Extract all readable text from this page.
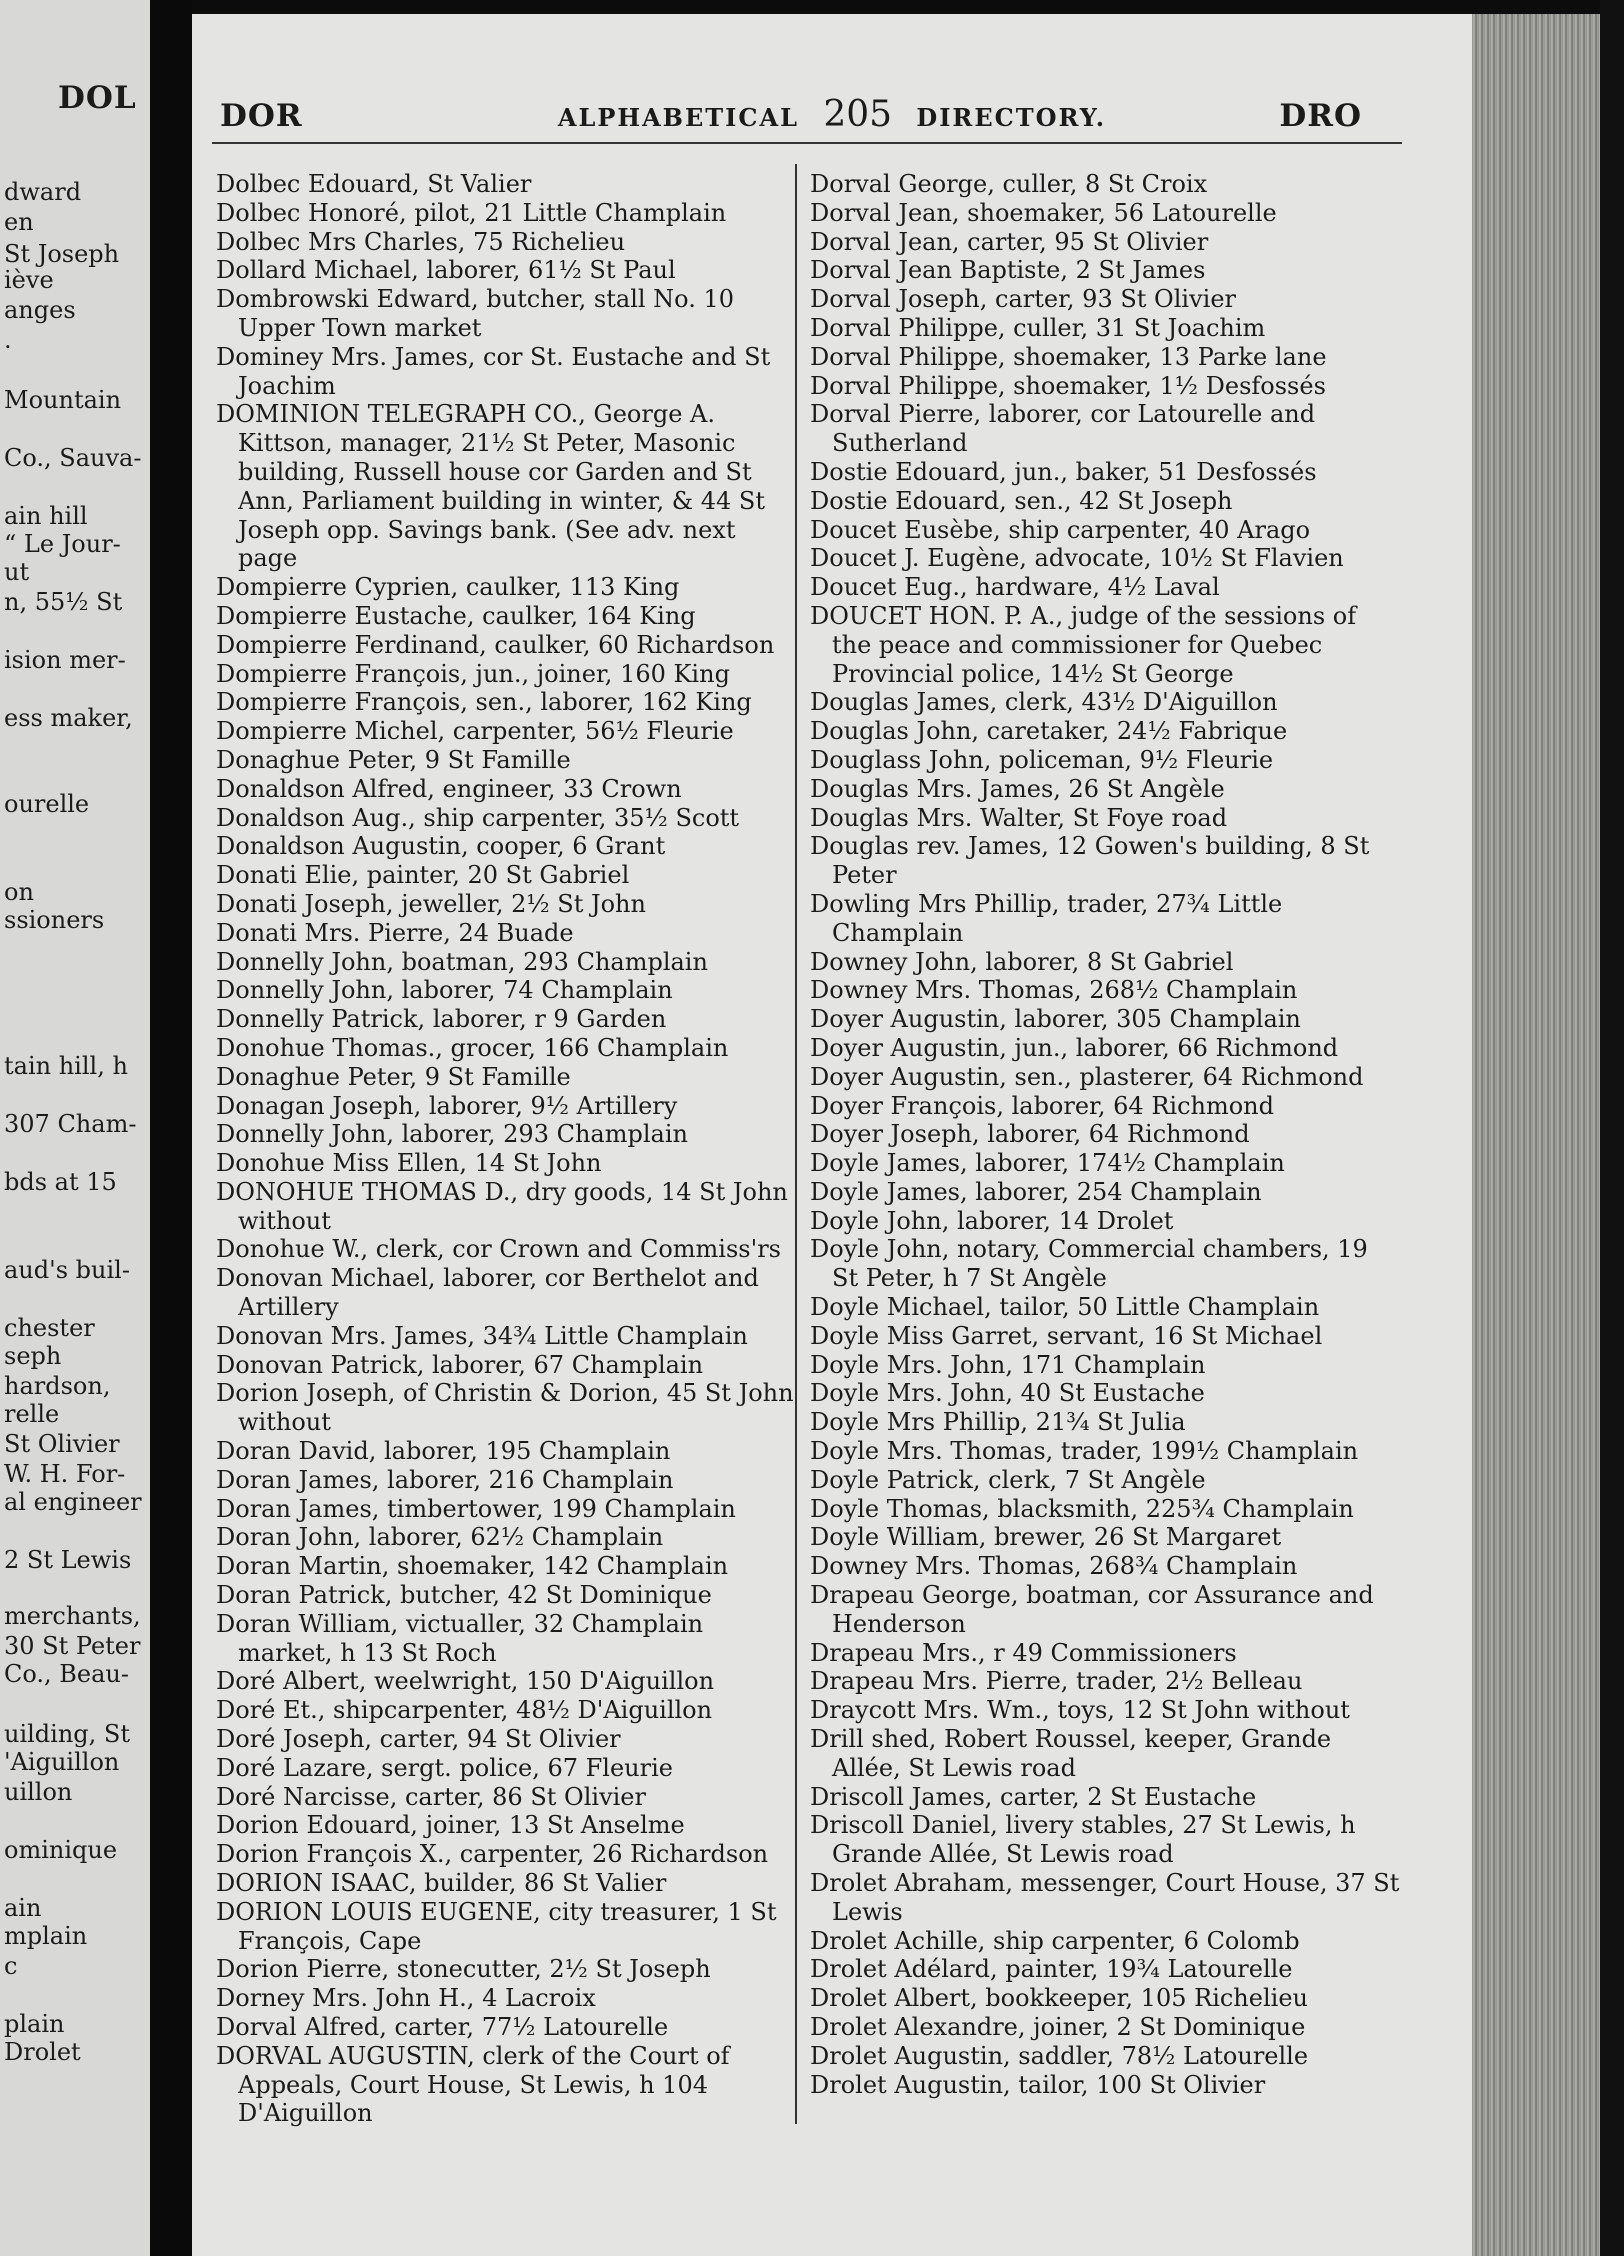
DOL
dward
en
St Joseph
iève
anges
.
Mountain
Co., Sauva-
ain hill
“ Le Jour-
ut
n, 55½ St
ision mer-
ess maker,
ourelle
on
ssioners
tain hill, h
307 Cham-
bds at 15
aud's buil-
chester
seph
hardson,
relle
St Olivier
W. H. For-
al engineer
2 St Lewis
merchants,
30 St Peter
Co., Beau-
uilding, St
'Aiguillon
uillon
ominique
ain
mplain
c
plain
Drolet
DOR	ALPHABETICAL 205 DIRECTORY.	DRO

Dolbec Edouard, St Valier

Dolbec Honoré, pilot, 21 Little Champlain

Dolbec Mrs Charles, 75 Richelieu

Dollard Michael, laborer, 61½ St Paul

Dombrowski Edward, butcher, stall No. 10 Upper Town market

Dominey Mrs. James, cor St. Eustache and St Joachim

DOMINION TELEGRAPH CO., George A. Kittson, manager, 21½ St Peter, Masonic building, Russell house cor Garden and St Ann, Parliament building in winter, & 44 St Joseph opp. Savings bank. (See adv. next page

Dompierre Cyprien, caulker, 113 King

Dompierre Eustache, caulker, 164 King

Dompierre Ferdinand, caulker, 60 Richardson

Dompierre François, jun., joiner, 160 King

Dompierre François, sen., laborer, 162 King

Dompierre Michel, carpenter, 56½ Fleurie

Donaghue Peter, 9 St Famille

Donaldson Alfred, engineer, 33 Crown

Donaldson Aug., ship carpenter, 35½ Scott

Donaldson Augustin, cooper, 6 Grant

Donati Elie, painter, 20 St Gabriel

Donati Joseph, jeweller, 2½ St John

Donati Mrs. Pierre, 24 Buade

Donnelly John, boatman, 293 Champlain

Donnelly John, laborer, 74 Champlain

Donnelly Patrick, laborer, r 9 Garden

Donohue Thomas., grocer, 166 Champlain

Donaghue Peter, 9 St Famille

Donagan Joseph, laborer, 9½ Artillery

Donnelly John, laborer, 293 Champlain

Donohue Miss Ellen, 14 St John

DONOHUE THOMAS D., dry goods, 14 St John without

Donohue W., clerk, cor Crown and Commiss'rs

Donovan Michael, laborer, cor Berthelot and Artillery

Donovan Mrs. James, 34¾ Little Champlain

Donovan Patrick, laborer, 67 Champlain

Dorion Joseph, of Christin & Dorion, 45 St John without

Doran David, laborer, 195 Champlain

Doran James, laborer, 216 Champlain

Doran James, timbertower, 199 Champlain

Doran John, laborer, 62½ Champlain

Doran Martin, shoemaker, 142 Champlain

Doran Patrick, butcher, 42 St Dominique

Doran William, victualler, 32 Champlain market, h 13 St Roch

Doré Albert, weelwright, 150 D'Aiguillon

Doré Et., shipcarpenter, 48½ D'Aiguillon

Doré Joseph, carter, 94 St Olivier

Doré Lazare, sergt. police, 67 Fleurie

Doré Narcisse, carter, 86 St Olivier

Dorion Edouard, joiner, 13 St Anselme

Dorion François X., carpenter, 26 Richardson

DORION ISAAC, builder, 86 St Valier

DORION LOUIS EUGENE, city treasurer, 1 St François, Cape

Dorion Pierre, stonecutter, 2½ St Joseph

Dorney Mrs. John H., 4 Lacroix

Dorval Alfred, carter, 77½ Latourelle

DORVAL AUGUSTIN, clerk of the Court of Appeals, Court House, St Lewis, h 104 D'Aiguillon

Dorval George, culler, 8 St Croix

Dorval Jean, shoemaker, 56 Latourelle

Dorval Jean, carter, 95 St Olivier

Dorval Jean Baptiste, 2 St James

Dorval Joseph, carter, 93 St Olivier

Dorval Philippe, culler, 31 St Joachim

Dorval Philippe, shoemaker, 13 Parke lane

Dorval Philippe, shoemaker, 1½ Desfossés

Dorval Pierre, laborer, cor Latourelle and Sutherland

Dostie Edouard, jun., baker, 51 Desfossés

Dostie Edouard, sen., 42 St Joseph

Doucet Eusèbe, ship carpenter, 40 Arago

Doucet J. Eugène, advocate, 10½ St Flavien

Doucet Eug., hardware, 4½ Laval

DOUCET HON. P. A., judge of the sessions of the peace and commissioner for Quebec Provincial police, 14½ St George

Douglas James, clerk, 43½ D'Aiguillon

Douglas John, caretaker, 24½ Fabrique

Douglass John, policeman, 9½ Fleurie

Douglas Mrs. James, 26 St Angèle

Douglas Mrs. Walter, St Foye road

Douglas rev. James, 12 Gowen's building, 8 St Peter

Dowling Mrs Phillip, trader, 27¾ Little Champlain

Downey John, laborer, 8 St Gabriel

Downey Mrs. Thomas, 268½ Champlain

Doyer Augustin, laborer, 305 Champlain

Doyer Augustin, jun., laborer, 66 Richmond

Doyer Augustin, sen., plasterer, 64 Richmond

Doyer François, laborer, 64 Richmond

Doyer Joseph, laborer, 64 Richmond

Doyle James, laborer, 174½ Champlain

Doyle James, laborer, 254 Champlain

Doyle John, laborer, 14 Drolet

Doyle John, notary, Commercial chambers, 19 St Peter, h 7 St Angèle

Doyle Michael, tailor, 50 Little Champlain

Doyle Miss Garret, servant, 16 St Michael

Doyle Mrs. John, 171 Champlain

Doyle Mrs. John, 40 St Eustache

Doyle Mrs Phillip, 21¾ St Julia

Doyle Mrs. Thomas, trader, 199½ Champlain

Doyle Patrick, clerk, 7 St Angèle

Doyle Thomas, blacksmith, 225¾ Champlain

Doyle William, brewer, 26 St Margaret

Downey Mrs. Thomas, 268¾ Champlain

Drapeau George, boatman, cor Assurance and Henderson

Drapeau Mrs., r 49 Commissioners

Drapeau Mrs. Pierre, trader, 2½ Belleau

Draycott Mrs. Wm., toys, 12 St John without

Drill shed, Robert Roussel, keeper, Grande Allée, St Lewis road

Driscoll James, carter, 2 St Eustache

Driscoll Daniel, livery stables, 27 St Lewis, h Grande Allée, St Lewis road

Drolet Abraham, messenger, Court House, 37 St Lewis

Drolet Achille, ship carpenter, 6 Colomb

Drolet Adélard, painter, 19¾ Latourelle

Drolet Albert, bookkeeper, 105 Richelieu

Drolet Alexandre, joiner, 2 St Dominique

Drolet Augustin, saddler, 78½ Latourelle

Drolet Augustin, tailor, 100 St Olivier
